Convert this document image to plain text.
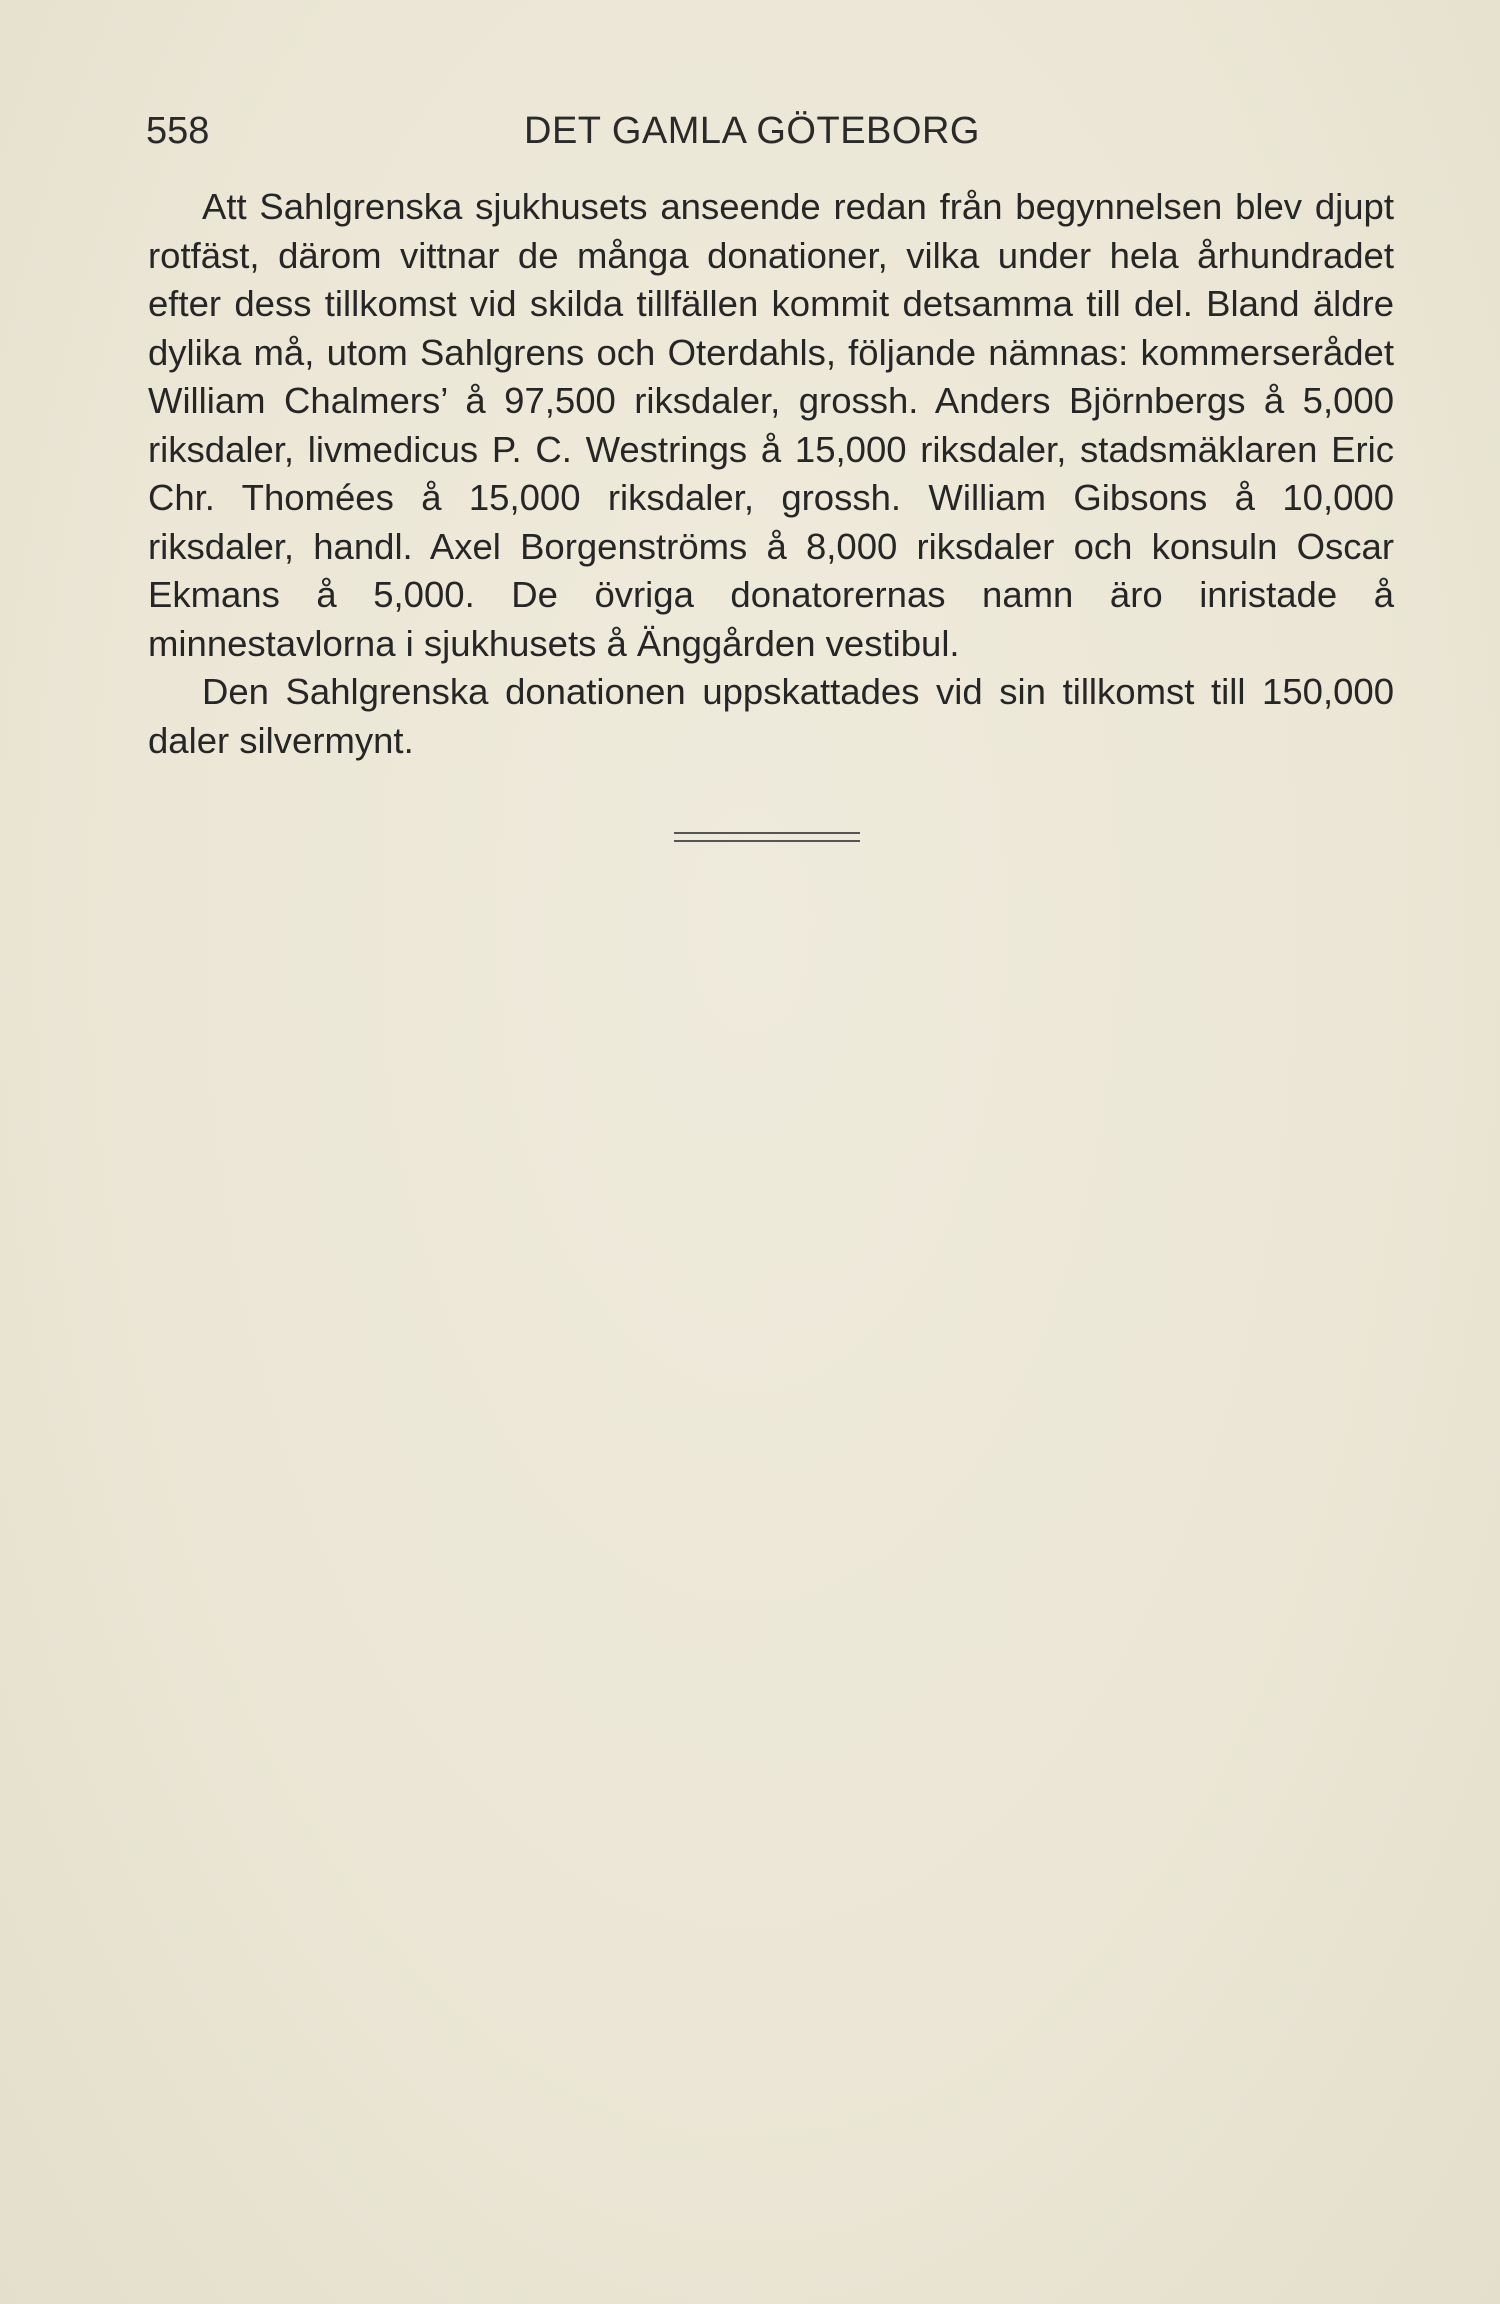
558	DET GAMLA GÖTEBORG

Att Sahlgrenska sjukhusets anseende redan från begynnelsen blev djupt rotfäst, därom vittnar de många donationer, vilka under hela århundradet efter dess tillkomst vid skilda tillfällen kommit detsamma till del. Bland äldre dylika må, utom Sahlgrens och Oterdahls, följande nämnas: kommerserådet William Chalmers’ å 97,500 riksdaler, grossh. Anders Björnbergs å 5,000 riksdaler, livmedicus P. C. Westrings å 15,000 riksdaler, stadsmäklaren Eric Chr. Thomées å 15,000 riksdaler, grossh. William Gibsons å 10,000 riksdaler, handl. Axel Borgenströms å 8,000 riksdaler och konsuln Oscar Ekmans å 5,000. De övriga donatorernas namn äro inristade å minnestavlorna i sjukhusets å Änggården vestibul.

Den Sahlgrenska donationen uppskattades vid sin tillkomst till 150,000 daler silvermynt.
